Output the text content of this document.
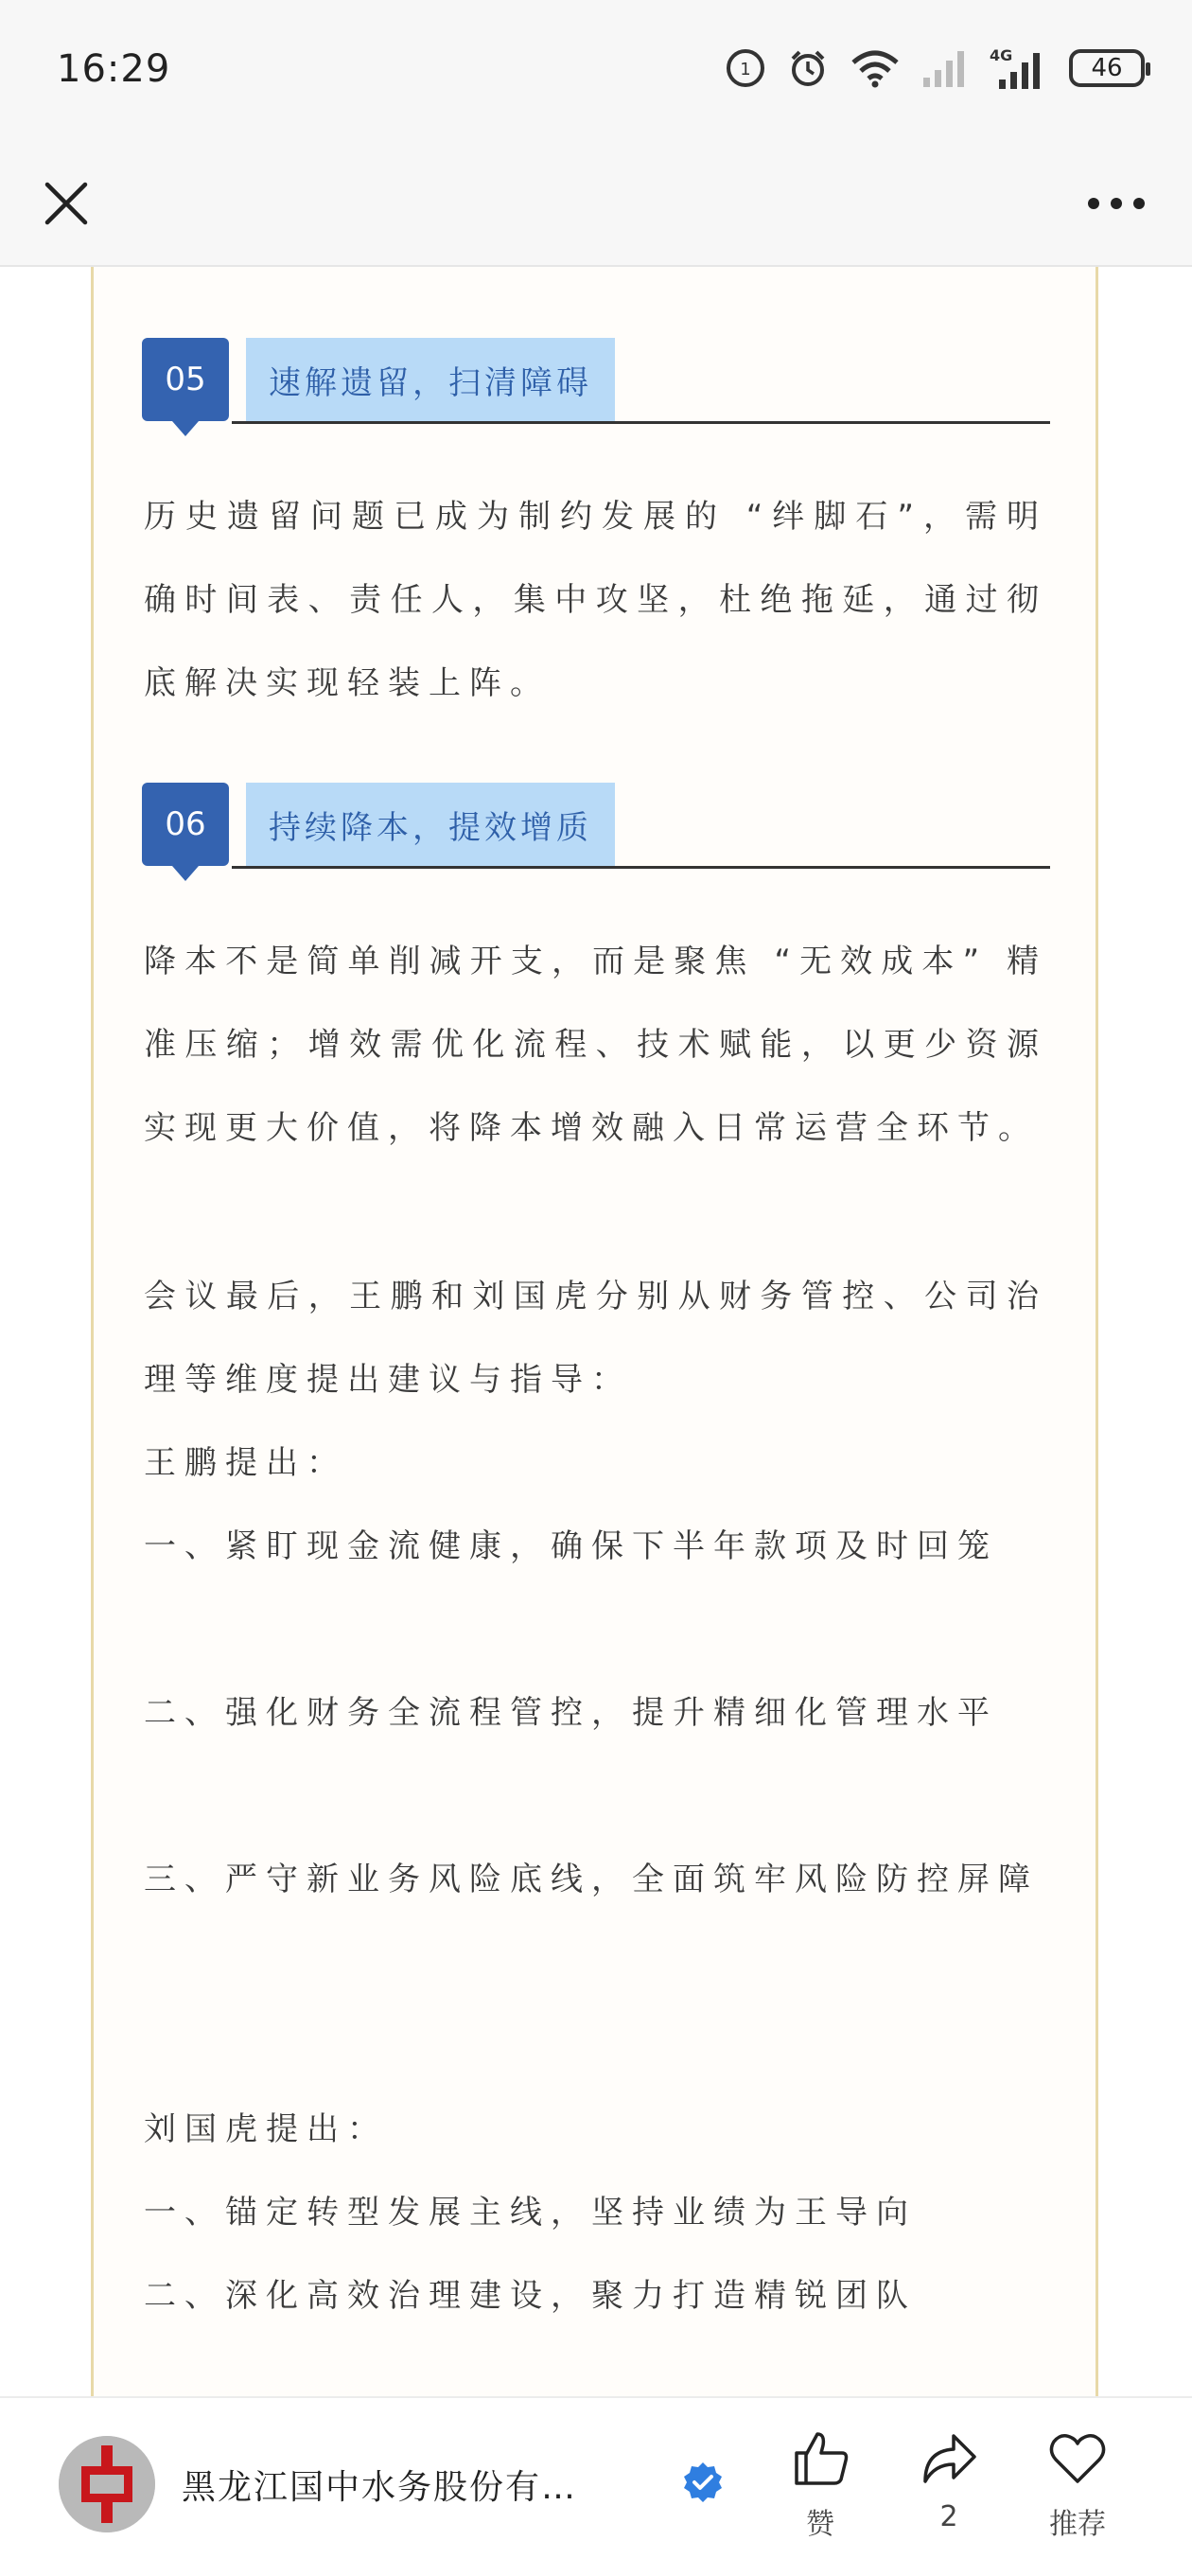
16:29	1
4G	46
05	速解遗留，扫清障碍

历史遗留问题已成为制约发展的 “绊脚石”，需明确时间表、责任人，集中攻坚，杜绝拖延，通过彻底解决实现轻装上阵。

06	持续降本，提效增质

降本不是简单削减开支，而是聚焦 “无效成本” 精准压缩；增效需优化流程、技术赋能，以更少资源实现更大价值，将降本增效融入日常运营全环节。

会议最后，王鹏和刘国虎分别从财务管控、公司治理等维度提出建议与指导：

王鹏提出：

一、紧盯现金流健康，确保下半年款项及时回笼

二、强化财务全流程管控，提升精细化管理水平

三、严守新业务风险底线，全面筑牢风险防控屏障

刘国虎提出：

一、锚定转型发展主线，坚持业绩为王导向

二、深化高效治理建设，聚力打造精锐团队

黑龙江国中水务股份有…
赞	2	推荐
